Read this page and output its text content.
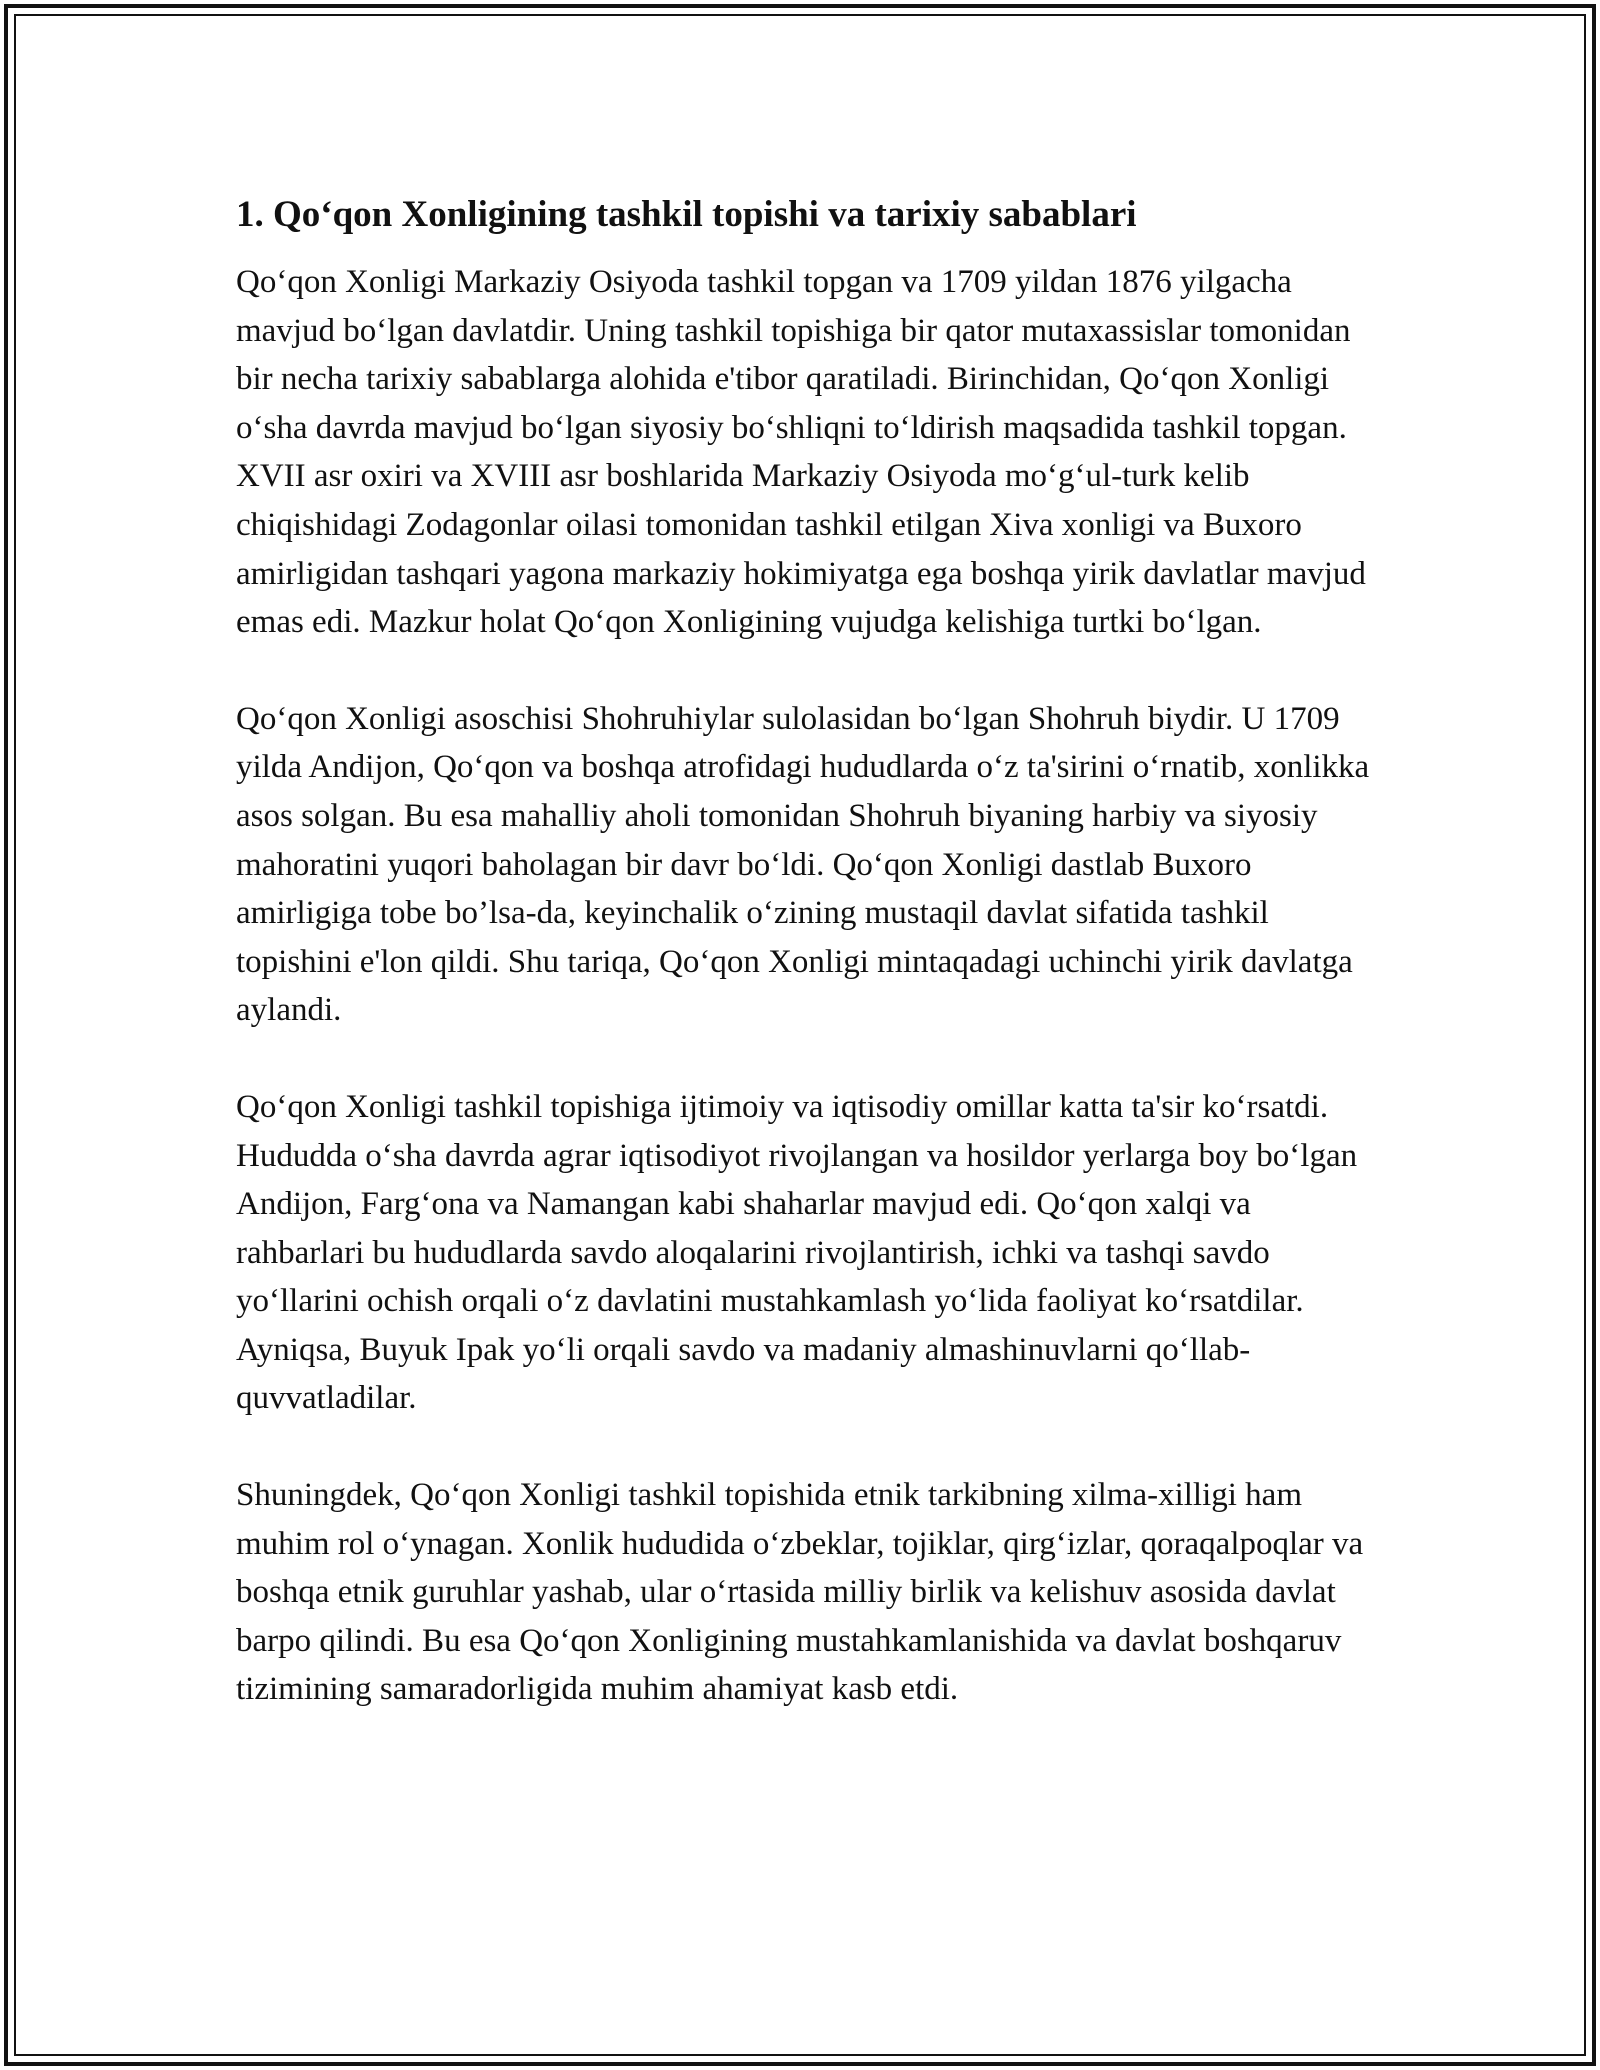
1. Qo‘qon Xonligining tashkil topishi va tarixiy sabablari

Qo‘qon Xonligi Markaziy Osiyoda tashkil topgan va 1709 yildan 1876 yilgacha mavjud bo‘lgan davlatdir. Uning tashkil topishiga bir qator mutaxassislar tomonidan bir necha tarixiy sabablarga alohida e'tibor qaratiladi. Birinchidan, Qo‘qon Xonligi o‘sha davrda mavjud bo‘lgan siyosiy bo‘shliqni to‘ldirish maqsadida tashkil topgan. XVII asr oxiri va XVIII asr boshlarida Markaziy Osiyoda mo‘g‘ul-turk kelib chiqishidagi Zodagonlar oilasi tomonidan tashkil etilgan Xiva xonligi va Buxoro amirligidan tashqari yagona markaziy hokimiyatga ega boshqa yirik davlatlar mavjud emas edi. Mazkur holat Qo‘qon Xonligining vujudga kelishiga turtki bo‘lgan.

Qo‘qon Xonligi asoschisi Shohruhiylar sulolasidan bo‘lgan Shohruh biydir. U 1709 yilda Andijon, Qo‘qon va boshqa atrofidagi hududlarda o‘z ta'sirini o‘rnatib, xonlikka asos solgan. Bu esa mahalliy aholi tomonidan Shohruh biyaning harbiy va siyosiy mahoratini yuqori baholagan bir davr bo‘ldi. Qo‘qon Xonligi dastlab Buxoro amirligiga tobe bo’lsa-da, keyinchalik o‘zining mustaqil davlat sifatida tashkil topishini e'lon qildi. Shu tariqa, Qo‘qon Xonligi mintaqadagi uchinchi yirik davlatga aylandi.

Qo‘qon Xonligi tashkil topishiga ijtimoiy va iqtisodiy omillar katta ta'sir ko‘rsatdi. Hududda o‘sha davrda agrar iqtisodiyot rivojlangan va hosildor yerlarga boy bo‘lgan Andijon, Farg‘ona va Namangan kabi shaharlar mavjud edi. Qo‘qon xalqi va rahbarlari bu hududlarda savdo aloqalarini rivojlantirish, ichki va tashqi savdo yo‘llarini ochish orqali o‘z davlatini mustahkamlash yo‘lida faoliyat ko‘rsatdilar. Ayniqsa, Buyuk Ipak yo‘li orqali savdo va madaniy almashinuvlarni qo‘llab-quvvatladilar.

Shuningdek, Qo‘qon Xonligi tashkil topishida etnik tarkibning xilma-xilligi ham muhim rol o‘ynagan. Xonlik hududida o‘zbeklar, tojiklar, qirg‘izlar, qoraqalpoqlar va boshqa etnik guruhlar yashab, ular o‘rtasida milliy birlik va kelishuv asosida davlat barpo qilindi. Bu esa Qo‘qon Xonligining mustahkamlanishida va davlat boshqaruv tizimining samaradorligida muhim ahamiyat kasb etdi.
